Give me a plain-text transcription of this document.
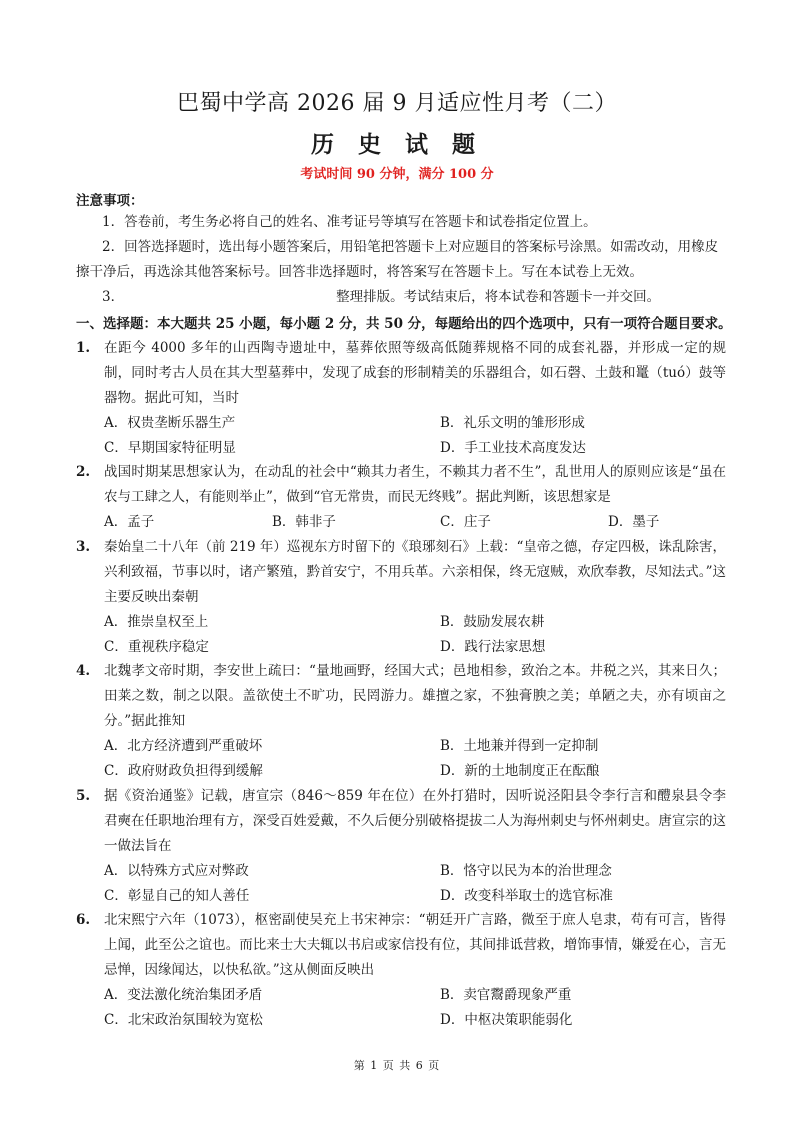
巴蜀中学高 2026 届 9 月适应性月考（二）
历 史 试 题
考试时间 90 分钟，满分 100 分
注意事项：
1．答卷前，考生务必将自己的姓名、准考证号等填写在答题卡和试卷指定位置上。
2．回答选择题时，选出每小题答案后，用铅笔把答题卡上对应题目的答案标号涂黑。如需改动，用橡皮擦干净后，再选涂其他答案标号。回答非选择题时，将答案写在答题卡上。写在本试卷上无效。
3．	整理排版。考试结束后，将本试卷和答题卡一并交回。
一、选择题：本大题共 25 小题，每小题 2 分，共 50 分，每题给出的四个选项中，只有一项符合题目要求。
1. 在距今 4000 多年的山西陶寺遗址中，墓葬依照等级高低随葬规格不同的成套礼器，并形成一定的规制，同时考古人员在其大型墓葬中，发现了成套的形制精美的乐器组合，如石磬、土鼓和鼍（tuó）鼓等器物。据此可知，当时
A．权贵垄断乐器生产	B．礼乐文明的雏形形成
C．早期国家特征明显	D．手工业技术高度发达
2. 战国时期某思想家认为，在动乱的社会中“赖其力者生，不赖其力者不生”，乱世用人的原则应该是“虽在农与工肆之人，有能则举止”，做到“官无常贵，而民无终贱”。据此判断，该思想家是
A．孟子	B．韩非子	C．庄子	D．墨子
3. 秦始皇二十八年（前 219 年）巡视东方时留下的《琅琊刻石》上载：“皇帝之德，存定四极，诛乱除害，兴利致福，节事以时，诸产繁殖，黔首安宁，不用兵革。六亲相保，终无寇贼，欢欣奉教，尽知法式。”这主要反映出秦朝
A．推崇皇权至上	B．鼓励发展农耕
C．重视秩序稳定	D．践行法家思想
4. 北魏孝文帝时期，李安世上疏曰：“量地画野，经国大式；邑地相参，致治之本。井税之兴，其来日久；田莱之数，制之以限。盖欲使土不旷功，民罔游力。雄擅之家，不独膏腴之美；单陋之夫，亦有顷亩之分。”据此推知
A．北方经济遭到严重破坏	B．土地兼并得到一定抑制
C．政府财政负担得到缓解	D．新的土地制度正在酝酿
5. 据《资治通鉴》记载，唐宣宗（846～859 年在位）在外打猎时，因听说泾阳县令李行言和醴泉县令李君奭在任职地治理有方，深受百姓爱戴，不久后便分别破格提拔二人为海州刺史与怀州刺史。唐宣宗的这一做法旨在
A．以特殊方式应对弊政	B．恪守以民为本的治世理念
C．彰显自己的知人善任	D．改变科举取士的选官标准
6. 北宋熙宁六年（1073），枢密副使吴充上书宋神宗：“朝廷开广言路，微至于庶人皂隶，苟有可言，皆得上闻，此至公之谊也。而比来士大夫辄以书启或家信投有位，其间排诋营救，增饰事情，嫌爱在心，言无忌惮，因缘闻达，以快私欲。”这从侧面反映出
A．变法激化统治集团矛盾	B．卖官鬻爵现象严重
C．北宋政治氛围较为宽松	D．中枢决策职能弱化
第 1 页 共 6 页
